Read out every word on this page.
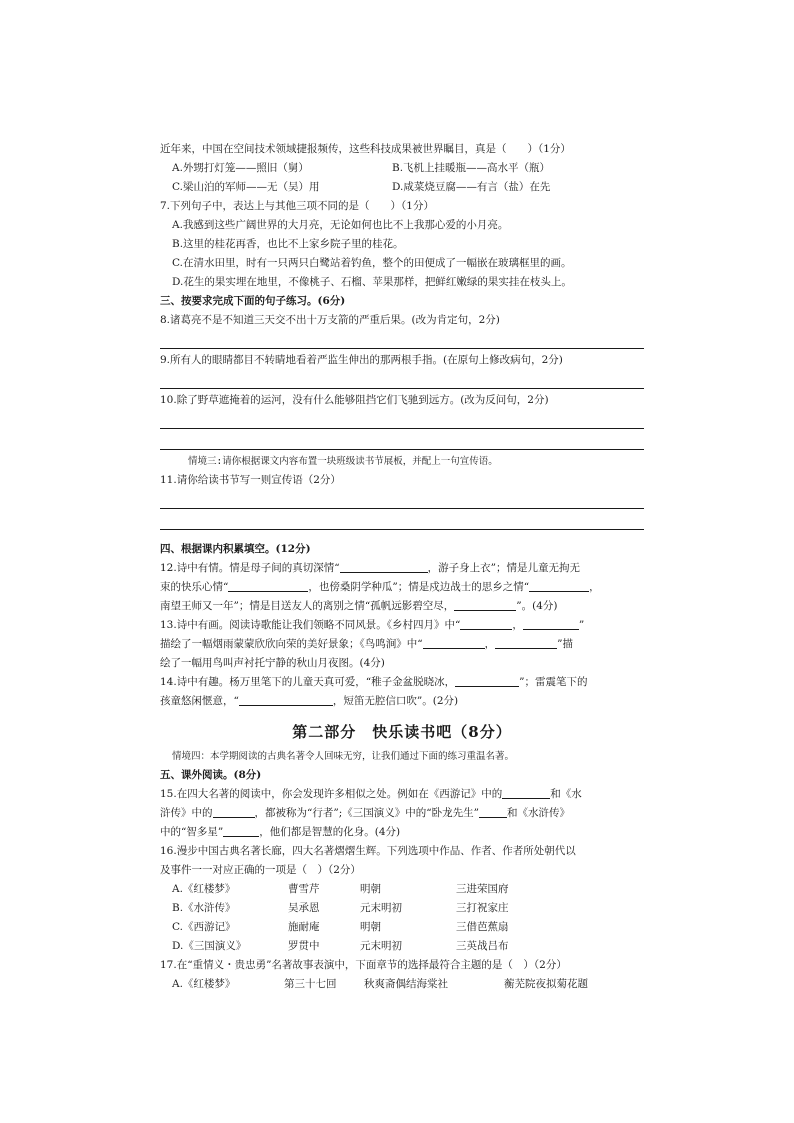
近年来，中国在空间技术领域捷报频传，这些科技成果被世界瞩目，真是（　　）（1分）
A.外甥打灯笼——照旧（舅）	B.飞机上挂暖瓶——高水平（瓶）
C.梁山泊的军师——无（吴）用	D.咸菜烧豆腐——有言（盐）在先
7.下列句子中，表达上与其他三项不同的是（　　）（1分）
A.我感到这些广阔世界的大月亮，无论如何也比不上我那心爱的小月亮。
B.这里的桂花再香，也比不上家乡院子里的桂花。
C.在清水田里，时有一只两只白鹭站着钓鱼，整个的田便成了一幅嵌在玻璃框里的画。
D.花生的果实埋在地里，不像桃子、石榴、苹果那样，把鲜红嫩绿的果实挂在枝头上。
三、按要求完成下面的句子练习。(6分)
8.诸葛亮不是不知道三天交不出十万支箭的严重后果。(改为肯定句，2分)
9.所有人的眼睛都目不转睛地看着严监生伸出的那两根手指。(在原句上修改病句，2分)
10.除了野草遮掩着的运河，没有什么能够阻挡它们飞驰到远方。(改为反问句，2分)
情境三:请你根据课文内容布置一块班级读书节展板，并配上一句宣传语。
11.请你给读书节写一则宣传语（2分）
四、根据课内积累填空。(12分)
12.诗中有情。情是母子间的真切深情“	，游子身上衣”；情是儿童无拘无
束的快乐心情“	，也傍桑阴学种瓜”；情是戍边战士的思乡之情“	，
南望王师又一年”；情是目送友人的离别之情“孤帆远影碧空尽，	”。(4分)
13.诗中有画。阅读诗歌能让我们领略不同风景。《乡村四月》中“	，	”
描绘了一幅烟雨蒙蒙欣欣向荣的美好景象；《鸟鸣涧》中“	，	”描
绘了一幅用鸟叫声衬托宁静的秋山月夜图。(4分)
14.诗中有趣。杨万里笔下的儿童天真可爱，“稚子金盆脱晓冰，	”；雷震笔下的
孩童悠闲惬意，“	，短笛无腔信口吹”。(2分)
第二部分　快乐读书吧（8分）
情境四：本学期阅读的古典名著令人回味无穷，让我们通过下面的练习重温名著。
五、课外阅读。(8分)
15.在四大名著的阅读中，你会发现许多相似之处。例如在《西游记》中的	和《水
浒传》中的	，都被称为“行者”;《三国演义》中的“卧龙先生”	和《水浒传》
中的“智多星”	，他们都是智慧的化身。(4分)
16.漫步中国古典名著长廊，四大名著熠熠生辉。下列选项中作品、作者、作者所处朝代以
及事件一一对应正确的一项是（　）（2分）
A.《红楼梦》	曹雪芹	明朝	三进荣国府
B.《水浒传》	吴承恩	元末明初	三打祝家庄
C.《西游记》	施耐庵	明朝	三借芭蕉扇
D.《三国演义》	罗贯中	元末明初	三英战吕布
17.在“重情义・贵忠勇”名著故事表演中，下面章节的选择最符合主题的是（　）（2分）
A.《红楼梦》	第三十七回	秋爽斋偶结海棠社	蘅芜院夜拟菊花题
